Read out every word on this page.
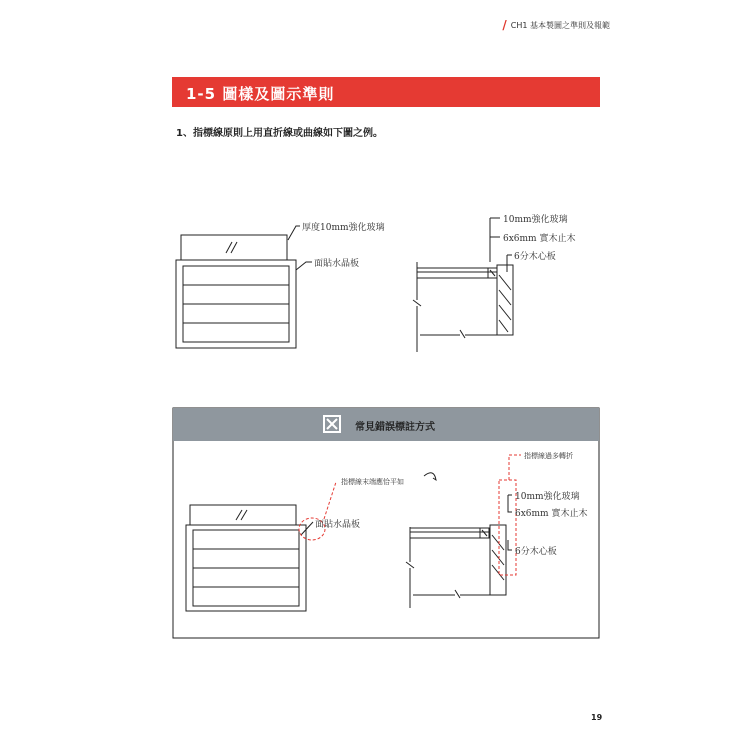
/ CH1 基本製圖之準則及報範
1-5 圖樣及圖示準則
1、指標線原則上用直折線或曲線如下圖之例。
厚度10mm強化玻璃
面貼水晶板
10mm強化玻璃
6x6mm 實木止木
6分木心板
常見錯誤標註方式
指標線末端應恰平如
指標線過多轉折
面貼水晶板
10mm強化玻璃
6x6mm 實木止木
6分木心板
19
